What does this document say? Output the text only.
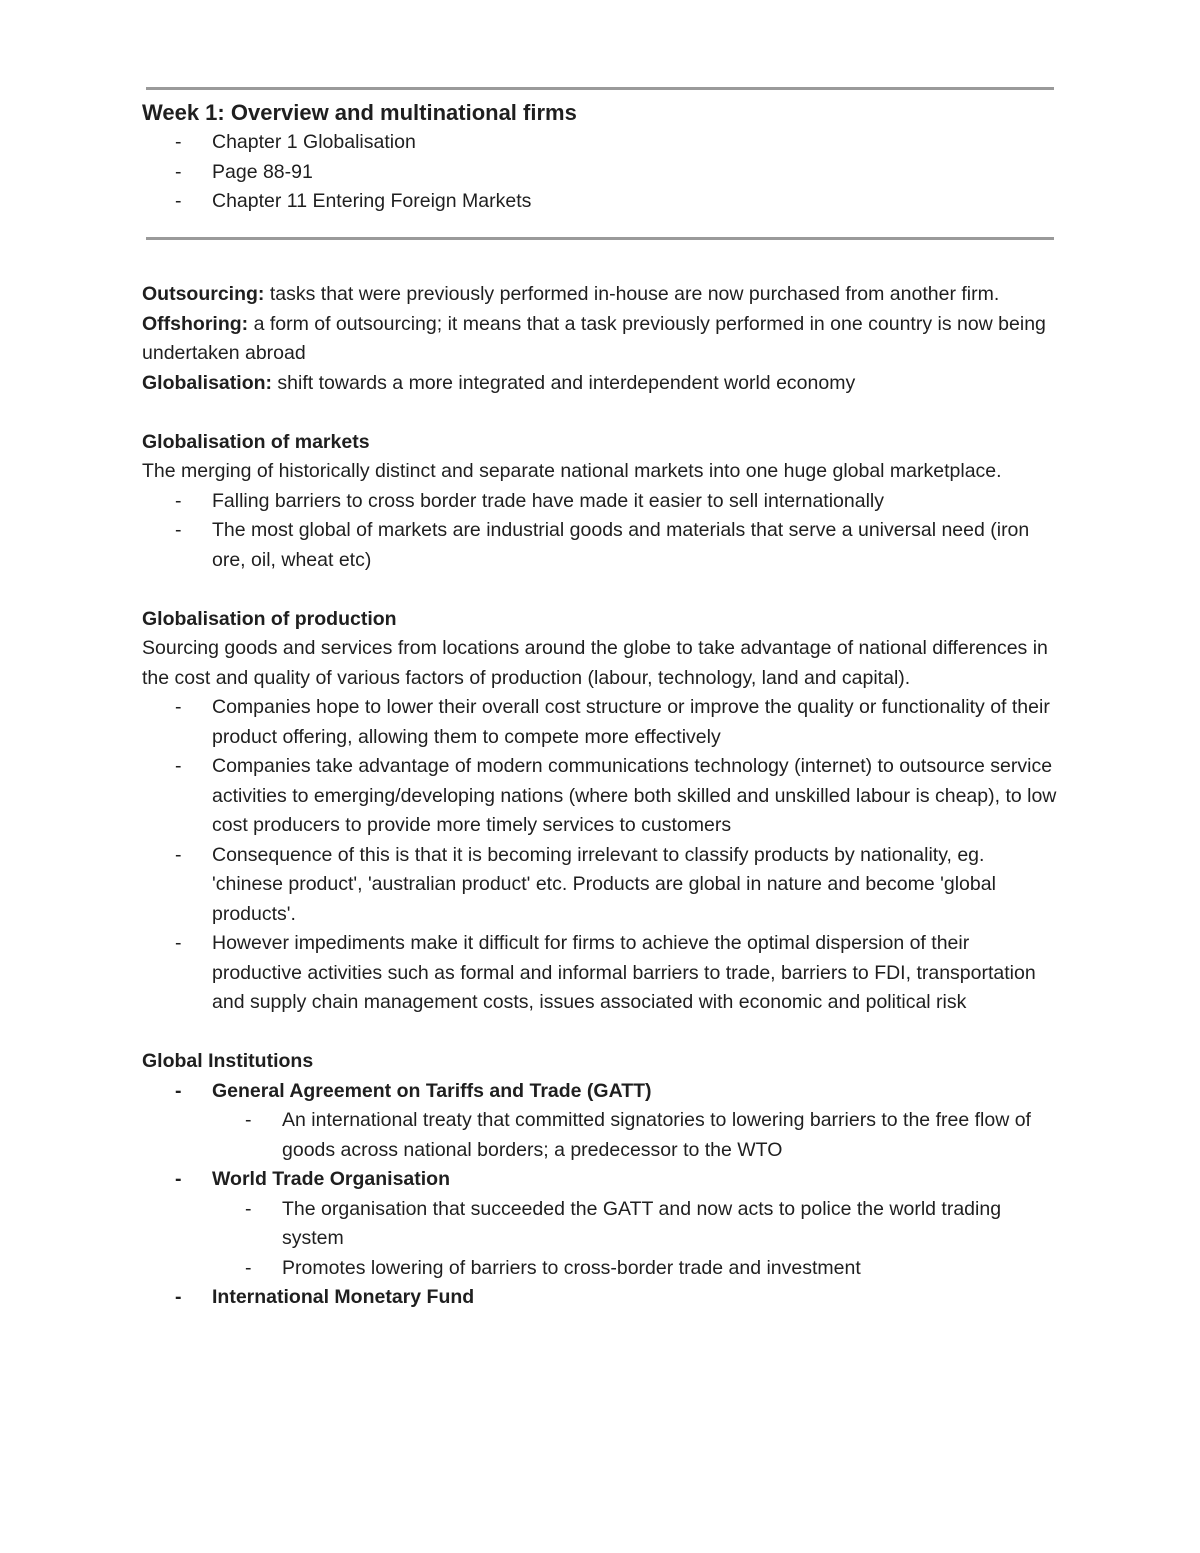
Week 1: Overview and multinational firms

- Chapter 1 Globalisation
- Page 88-91
- Chapter 11 Entering Foreign Markets

Outsourcing: tasks that were previously performed in-house are now purchased from another firm.

Offshoring: a form of outsourcing; it means that a task previously performed in one country is now being undertaken abroad

Globalisation: shift towards a more integrated and interdependent world economy

Globalisation of markets

The merging of historically distinct and separate national markets into one huge global marketplace.

- Falling barriers to cross border trade have made it easier to sell internationally
- The most global of markets are industrial goods and materials that serve a universal need (iron ore, oil, wheat etc)
Globalisation of production

Sourcing goods and services from locations around the globe to take advantage of national differences in the cost and quality of various factors of production (labour, technology, land and capital).

- Companies hope to lower their overall cost structure or improve the quality or functionality of their product offering, allowing them to compete more effectively
- Companies take advantage of modern communications technology (internet) to outsource service activities to emerging/developing nations (where both skilled and unskilled labour is cheap), to low cost producers to provide more timely services to customers
- Consequence of this is that it is becoming irrelevant to classify products by nationality, eg. 'chinese product', 'australian product' etc. Products are global in nature and become 'global products'.
- However impediments make it difficult for firms to achieve the optimal dispersion of their productive activities such as formal and informal barriers to trade, barriers to FDI, transportation and supply chain management costs, issues associated with economic and political risk
Global Institutions
- General Agreement on Tariffs and Trade (GATT)
- An international treaty that committed signatories to lowering barriers to the free flow of goods across national borders; a predecessor to the WTO
- World Trade Organisation
- The organisation that succeeded the GATT and now acts to police the world trading system
- Promotes lowering of barriers to cross-border trade and investment
- International Monetary Fund
